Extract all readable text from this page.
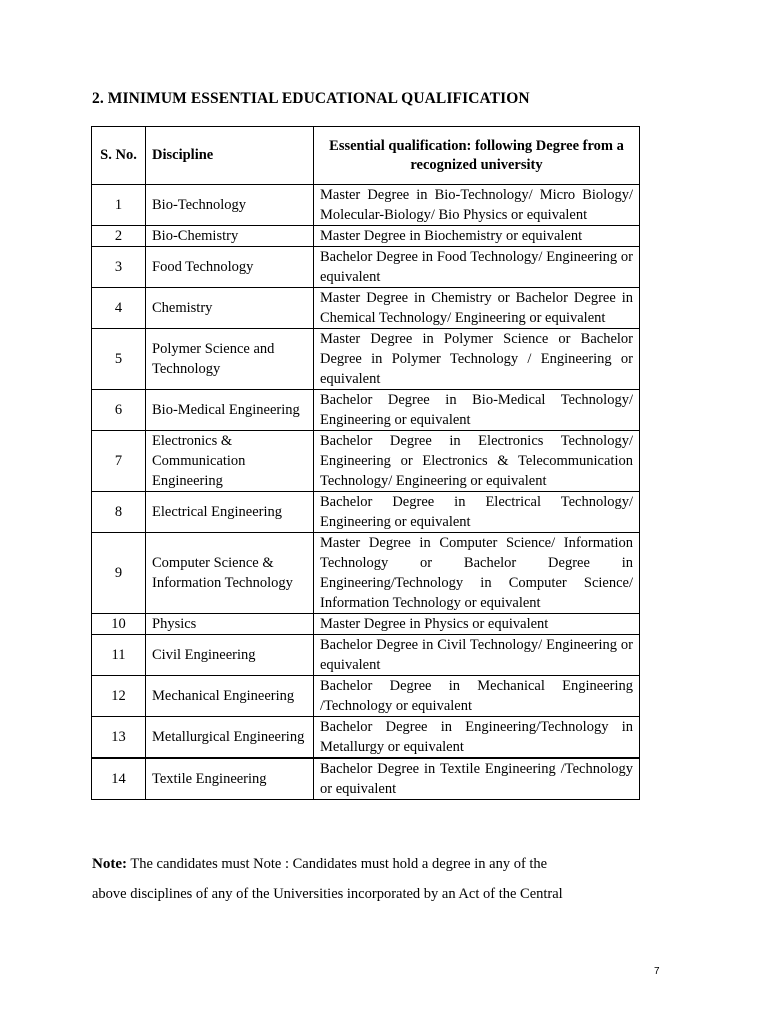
2. MINIMUM ESSENTIAL EDUCATIONAL QUALIFICATION
S. No.	Discipline	Essential qualification: following Degree from a recognized university
1	Bio-Technology	Master Degree in Bio-Technology/ Micro Biology/ Molecular-Biology/ Bio Physics or equivalent
2	Bio-Chemistry	Master Degree in Biochemistry or equivalent
3	Food Technology	Bachelor Degree in Food Technology/ Engineering or equivalent
4	Chemistry	Master Degree in Chemistry or Bachelor Degree in Chemical Technology/ Engineering or equivalent
5	Polymer Science and Technology	Master Degree in Polymer Science or Bachelor Degree in Polymer Technology / Engineering or equivalent
6	Bio-Medical Engineering	Bachelor Degree in Bio-Medical Technology/ Engineering or equivalent
7	Electronics & Communication Engineering	Bachelor Degree in Electronics Technology/ Engineering or Electronics & Telecommunication Technology/ Engineering or equivalent
8	Electrical Engineering	Bachelor Degree in Electrical Technology/ Engineering or equivalent
9	Computer Science & Information Technology	Master Degree in Computer Science/ Information Technology or Bachelor Degree in Engineering/Technology in Computer Science/ Information Technology or equivalent
10	Physics	Master Degree in Physics or equivalent
11	Civil Engineering	Bachelor Degree in Civil Technology/ Engineering or equivalent
12	Mechanical Engineering	Bachelor Degree in Mechanical Engineering /Technology or equivalent
13	Metallurgical Engineering	Bachelor Degree in Engineering/Technology in Metallurgy or equivalent
14	Textile Engineering	Bachelor Degree in Textile Engineering /Technology or equivalent
Note: The candidates must Note : Candidates must hold a degree in any of the
above disciplines of any of the Universities incorporated by an Act of the Central
7
